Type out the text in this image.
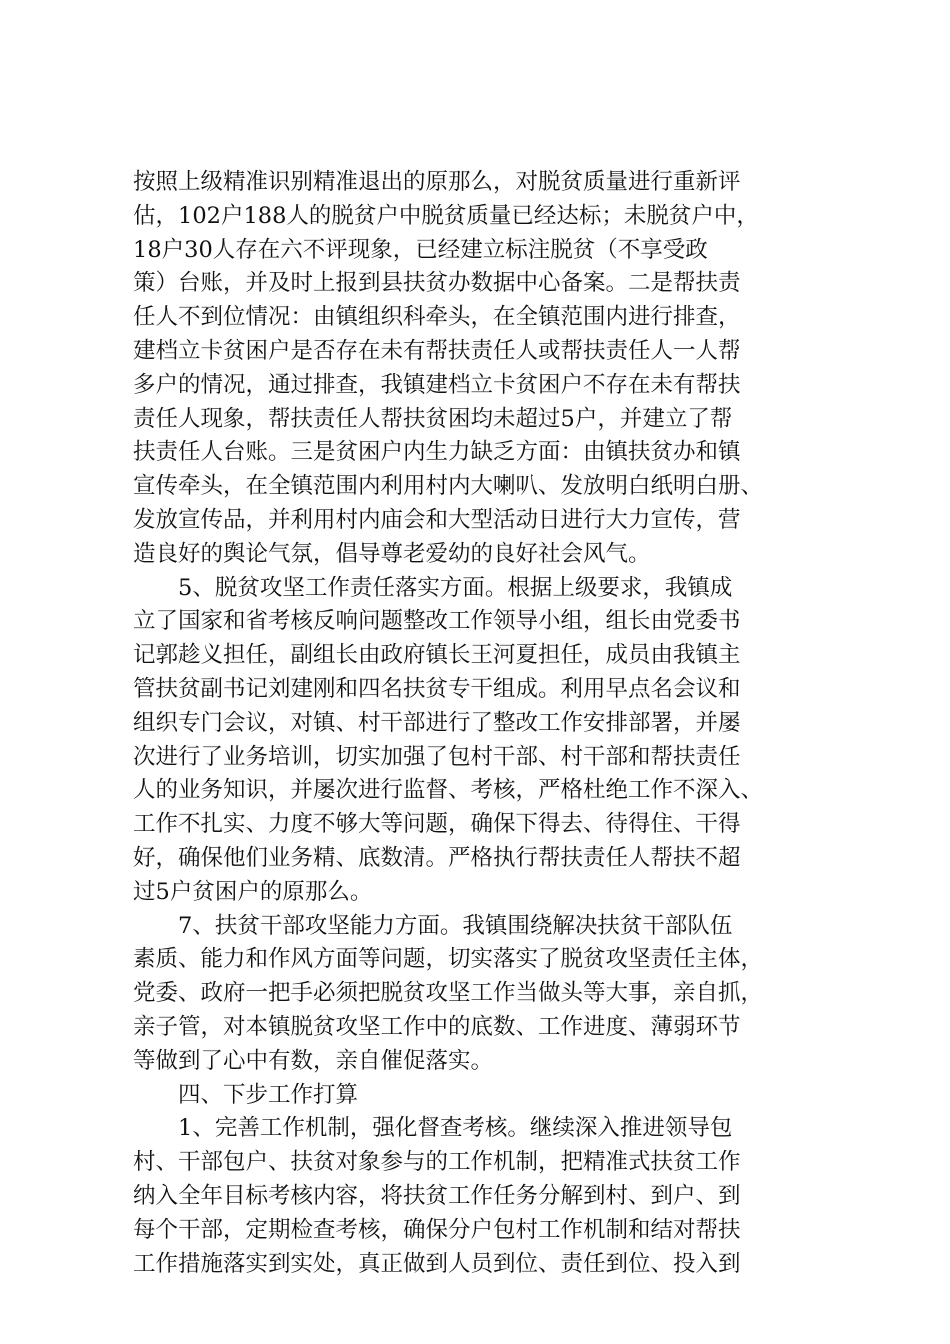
按照上级精准识别精准退出的原那么，对脱贫质量进行重新评
估，102户188人的脱贫户中脱贫质量已经达标；未脱贫户中，
18户30人存在六不评现象，已经建立标注脱贫（不享受政
策）台账，并及时上报到县扶贫办数据中心备案。二是帮扶责
任人不到位情况：由镇组织科牵头，在全镇范围内进行排查，
建档立卡贫困户是否存在未有帮扶责任人或帮扶责任人一人帮
多户的情况，通过排查，我镇建档立卡贫困户不存在未有帮扶
责任人现象，帮扶责任人帮扶贫困均未超过5户，并建立了帮
扶责任人台账。三是贫困户内生力缺乏方面：由镇扶贫办和镇
宣传牵头，在全镇范围内利用村内大喇叭、发放明白纸明白册、
发放宣传品，并利用村内庙会和大型活动日进行大力宣传，营
造良好的舆论气氛，倡导尊老爱幼的良好社会风气。
　　5、脱贫攻坚工作责任落实方面。根据上级要求，我镇成
立了国家和省考核反响问题整改工作领导小组，组长由党委书
记郭趁义担任，副组长由政府镇长王河夏担任，成员由我镇主
管扶贫副书记刘建刚和四名扶贫专干组成。利用早点名会议和
组织专门会议，对镇、村干部进行了整改工作安排部署，并屡
次进行了业务培训，切实加强了包村干部、村干部和帮扶责任
人的业务知识，并屡次进行监督、考核，严格杜绝工作不深入、
工作不扎实、力度不够大等问题，确保下得去、待得住、干得
好，确保他们业务精、底数清。严格执行帮扶责任人帮扶不超
过5户贫困户的原那么。
　　7、扶贫干部攻坚能力方面。我镇围绕解决扶贫干部队伍
素质、能力和作风方面等问题，切实落实了脱贫攻坚责任主体，
党委、政府一把手必须把脱贫攻坚工作当做头等大事，亲自抓，
亲子管，对本镇脱贫攻坚工作中的底数、工作进度、薄弱环节
等做到了心中有数，亲自催促落实。
　　四、下步工作打算
　　1、完善工作机制，强化督查考核。继续深入推进领导包
村、干部包户、扶贫对象参与的工作机制，把精准式扶贫工作
纳入全年目标考核内容，将扶贫工作任务分解到村、到户、到
每个干部，定期检查考核，确保分户包村工作机制和结对帮扶
工作措施落实到实处，真正做到人员到位、责任到位、投入到
